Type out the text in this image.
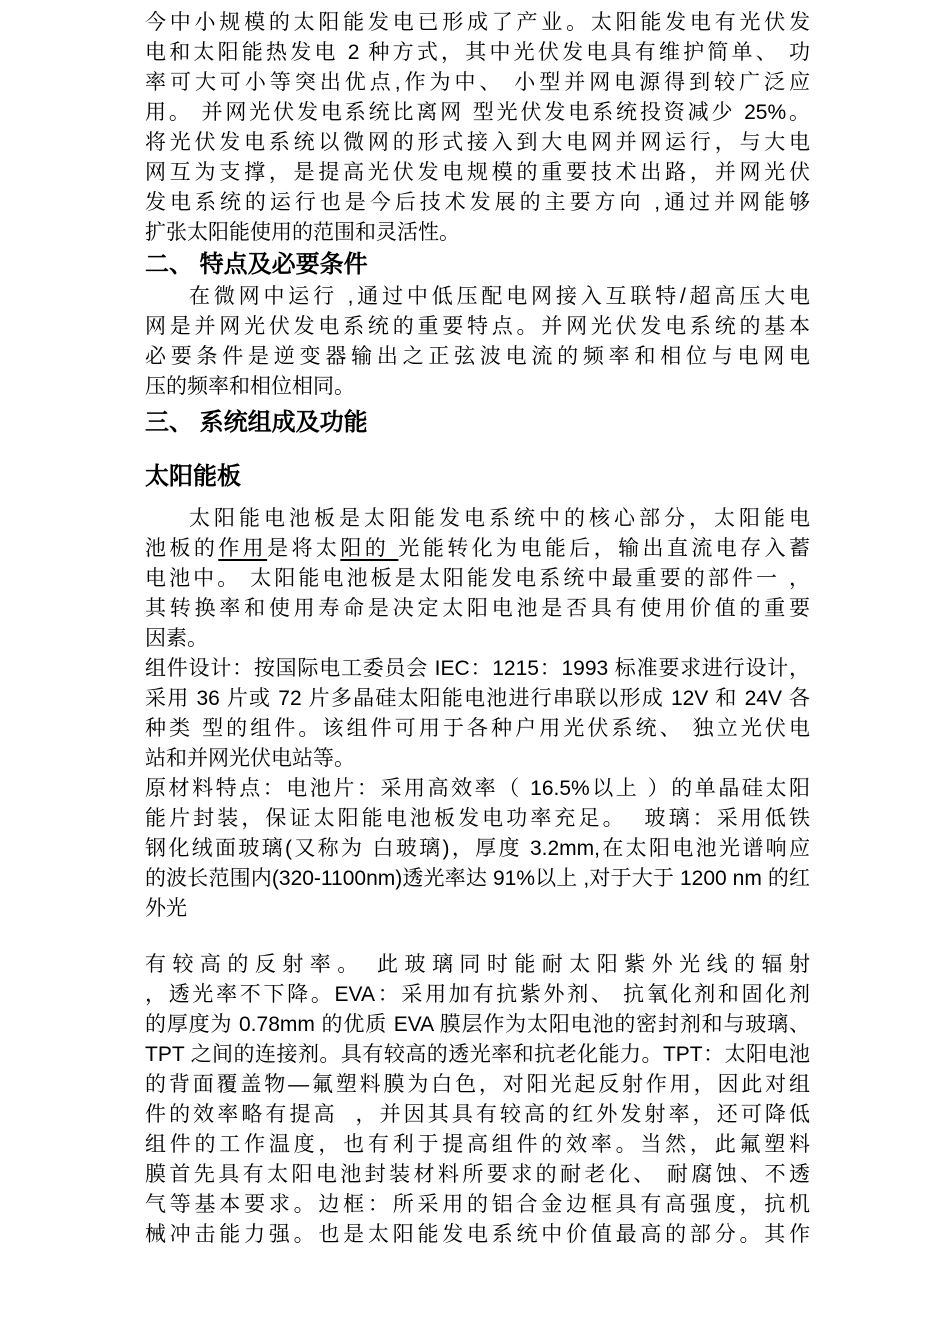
今中小规模的太阳能发电已形成了产业。太阳能发电有光伏发
电和太阳能热发电 2 种方式，其中光伏发电具有维护简单、 功
率可大可小等突出优点,作为中、 小型并网电源得到较广泛应
用。 并网光伏发电系统比离网 型光伏发电系统投资减少 25%。
将光伏发电系统以微网的形式接入到大电网并网运行，与大电
网互为支撑，是提高光伏发电规模的重要技术出路，并网光伏
发电系统的运行也是今后技术发展的主要方向 ,通过并网能够
扩张太阳能使用的范围和灵活性。
二、 特点及必要条件
在微网中运行 ,通过中低压配电网接入互联特/超高压大电
网是并网光伏发电系统的重要特点。并网光伏发电系统的基本
必要条件是逆变器输出之正弦波电流的频率和相位与电网电
压的频率和相位相同。
三、 系统组成及功能
太阳能板
太阳能电池板是太阳能发电系统中的核心部分，太阳能电
池板的作用是将太阳的 光能转化为电能后，输出直流电存入蓄
电池中。 太阳能电池板是太阳能发电系统中最重要的部件一 ，
其转换率和使用寿命是决定太阳电池是否具有使用价值的重要
因素。
组件设计：按国际电工委员会 IEC：1215：1993 标准要求进行设计，
采用 36 片或 72 片多晶硅太阳能电池进行串联以形成 12V 和 24V 各
种类 型的组件。该组件可用于各种户用光伏系统、 独立光伏电
站和并网光伏电站等。
原材料特点：电池片：采用高效率（ 16.5%以上 ）的单晶硅太阳
能片封装，保证太阳能电池板发电功率充足。  玻璃：采用低铁
钢化绒面玻璃(又称为 白玻璃)，厚度 3.2mm,在太阳电池光谱响应
的波长范围内(320-1100nm)透光率达 91%以上 ,对于大于 1200 nm 的红
外光
有较高的反射率。 此玻璃同时能耐太阳紫外光线的辐射
，透光率不下降。EVA：采用加有抗紫外剂、 抗氧化剂和固化剂
的厚度为 0.78mm 的优质 EVA 膜层作为太阳电池的密封剂和与玻璃、
TPT 之间的连接剂。具有较高的透光率和抗老化能力。TPT：太阳电池
的背面覆盖物—氟塑料膜为白色，对阳光起反射作用，因此对组
件的效率略有提高  ，并因其具有较高的红外发射率，还可降低
组件的工作温度，也有利于提高组件的效率。当然，此氟塑料
膜首先具有太阳电池封装材料所要求的耐老化、 耐腐蚀、不透
气等基本要求。边框：所采用的铝合金边框具有高强度，抗机
械冲击能力强。也是太阳能发电系统中价值最高的部分。其作
